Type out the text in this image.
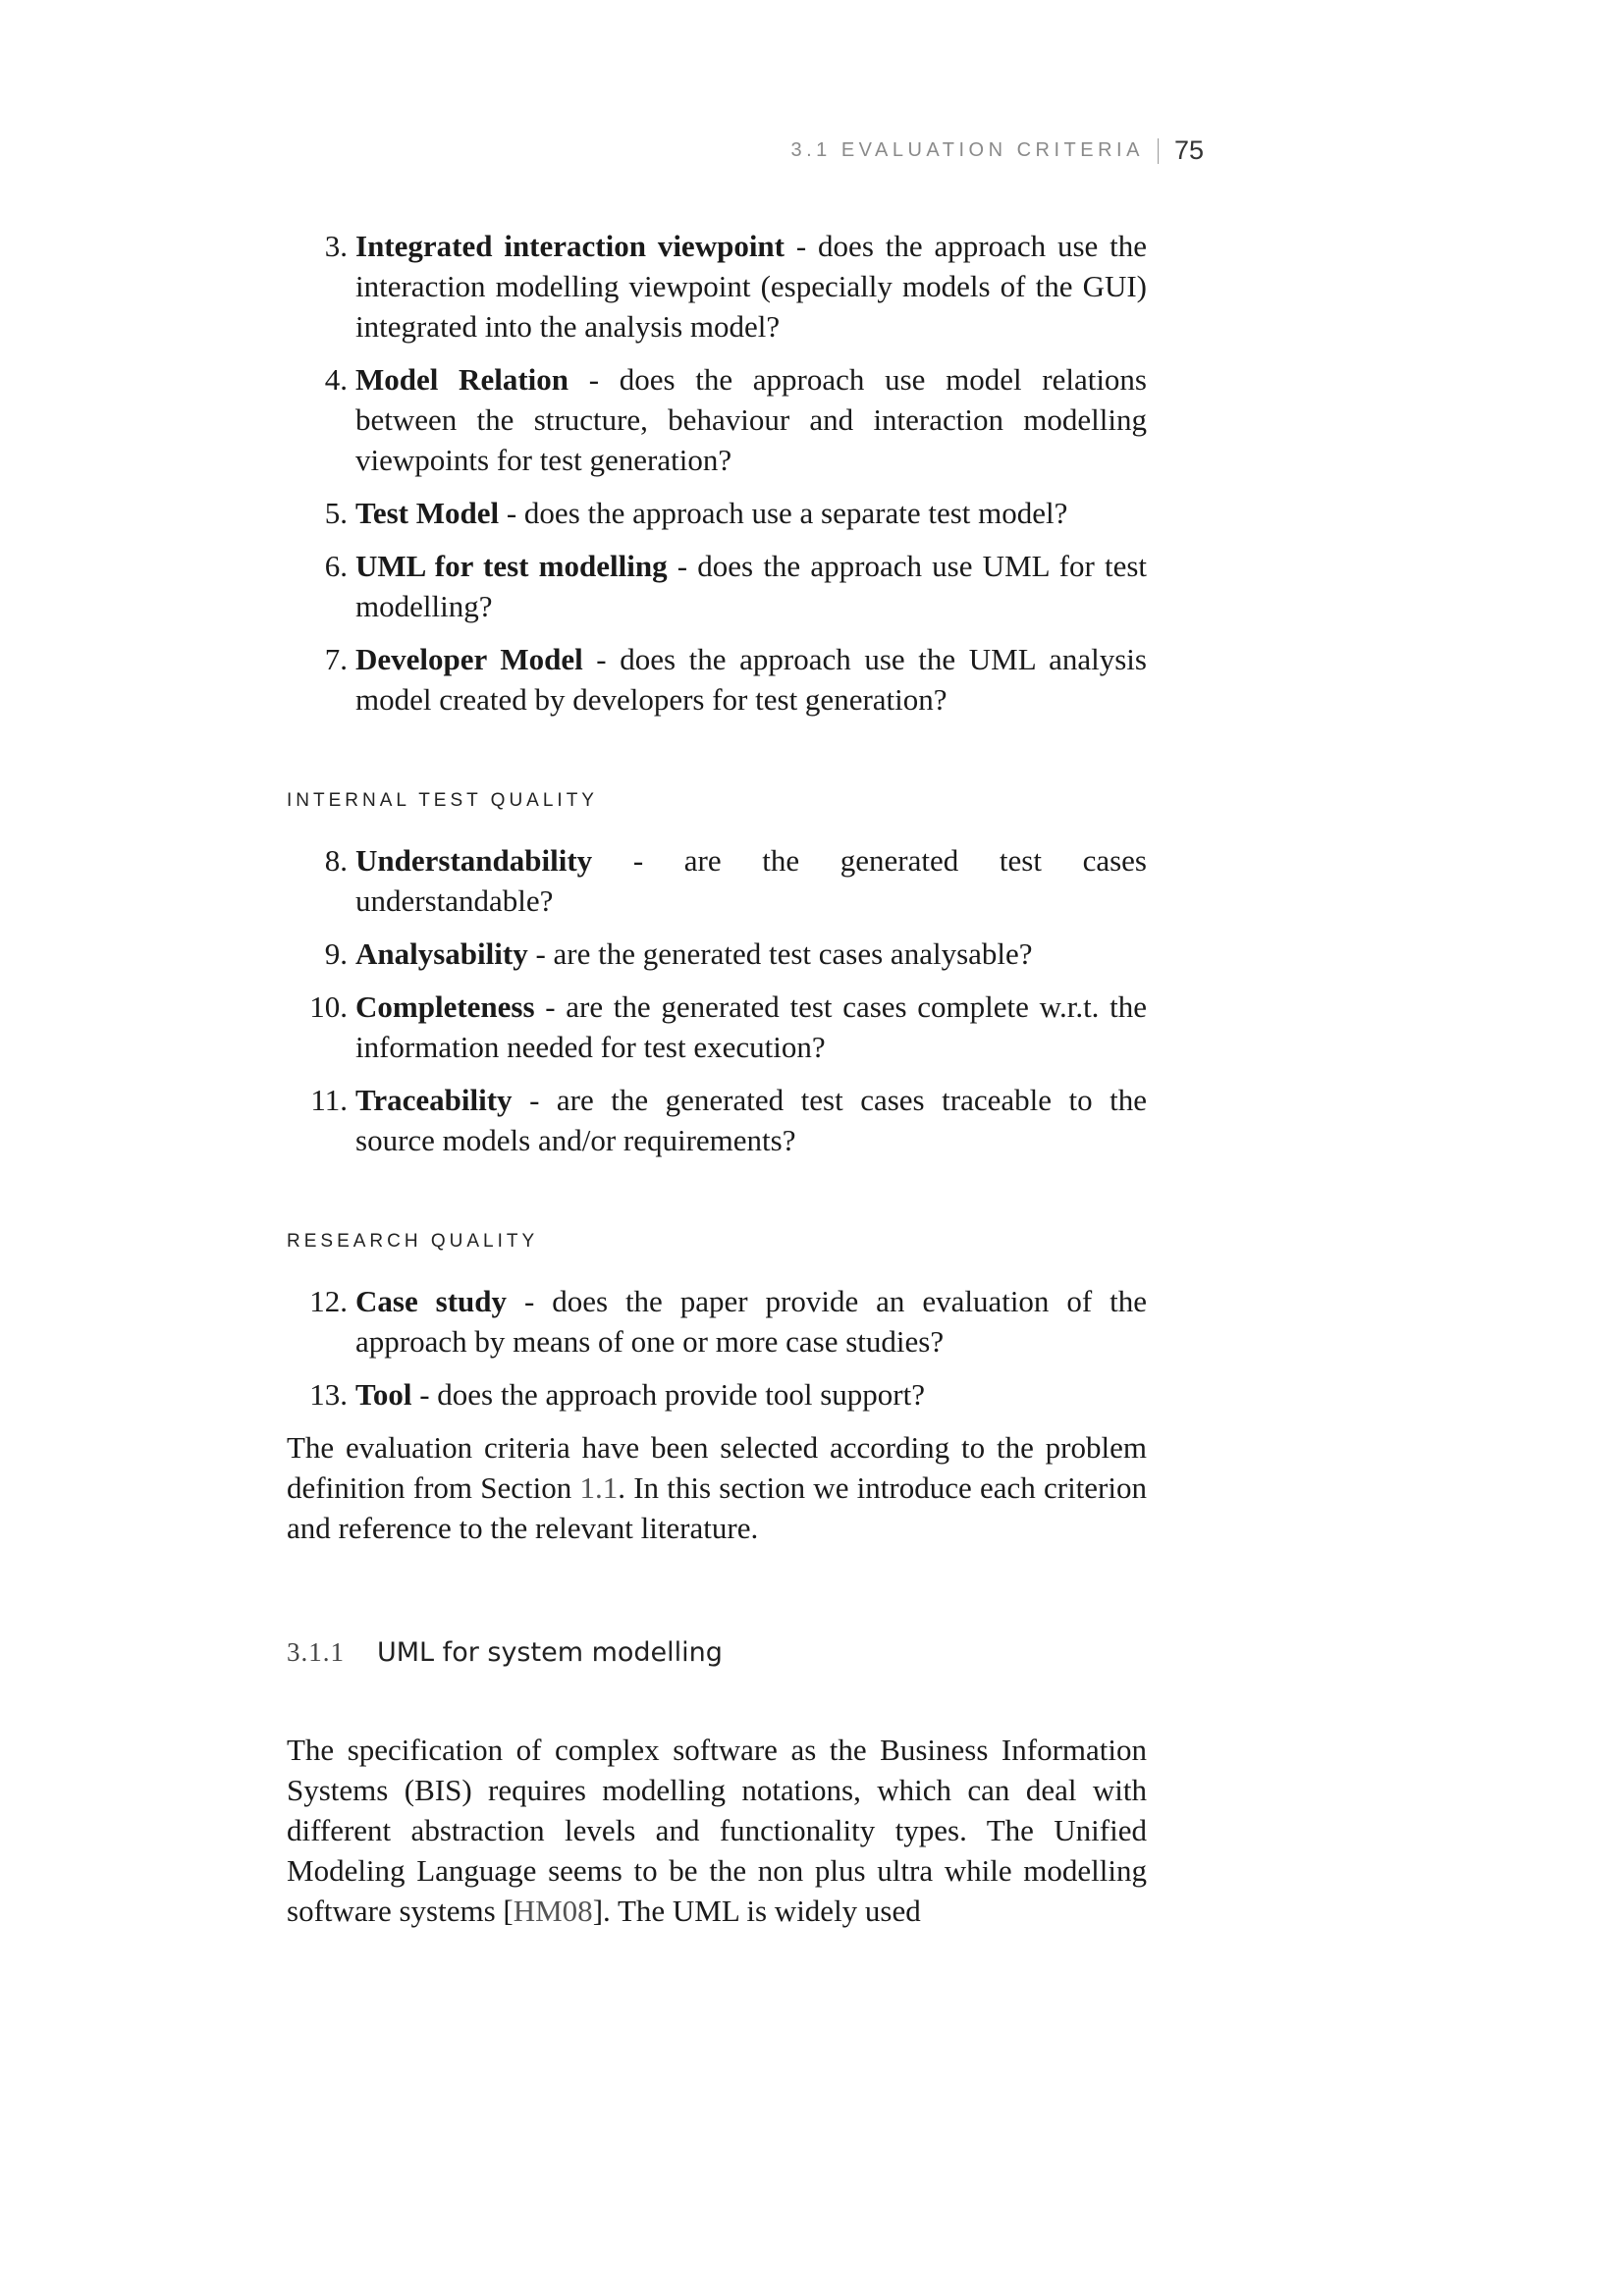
3.1 EVALUATION CRITERIA 75
3. Integrated interaction viewpoint - does the approach use the interaction modelling viewpoint (especially models of the GUI) integrated into the analysis model?
4. Model Relation - does the approach use model relations between the structure, behaviour and interaction modelling viewpoints for test generation?
5. Test Model - does the approach use a separate test model?
6. UML for test modelling - does the approach use UML for test modelling?
7. Developer Model - does the approach use the UML analysis model created by developers for test generation?
INTERNAL TEST QUALITY
8. Understandability - are the generated test cases understandable?
9. Analysability - are the generated test cases analysable?
10. Completeness - are the generated test cases complete w.r.t. the information needed for test execution?
11. Traceability - are the generated test cases traceable to the source models and/or requirements?
RESEARCH QUALITY
12. Case study - does the paper provide an evaluation of the approach by means of one or more case studies?
13. Tool - does the approach provide tool support?

The evaluation criteria have been selected according to the problem definition from Section 1.1. In this section we introduce each criterion and reference to the relevant literature.

3.1.1	UML for system modelling

The specification of complex software as the Business Information Systems (BIS) requires modelling notations, which can deal with different abstraction levels and functionality types. The Unified Modeling Language seems to be the non plus ultra while modelling software systems [HM08]. The UML is widely used
